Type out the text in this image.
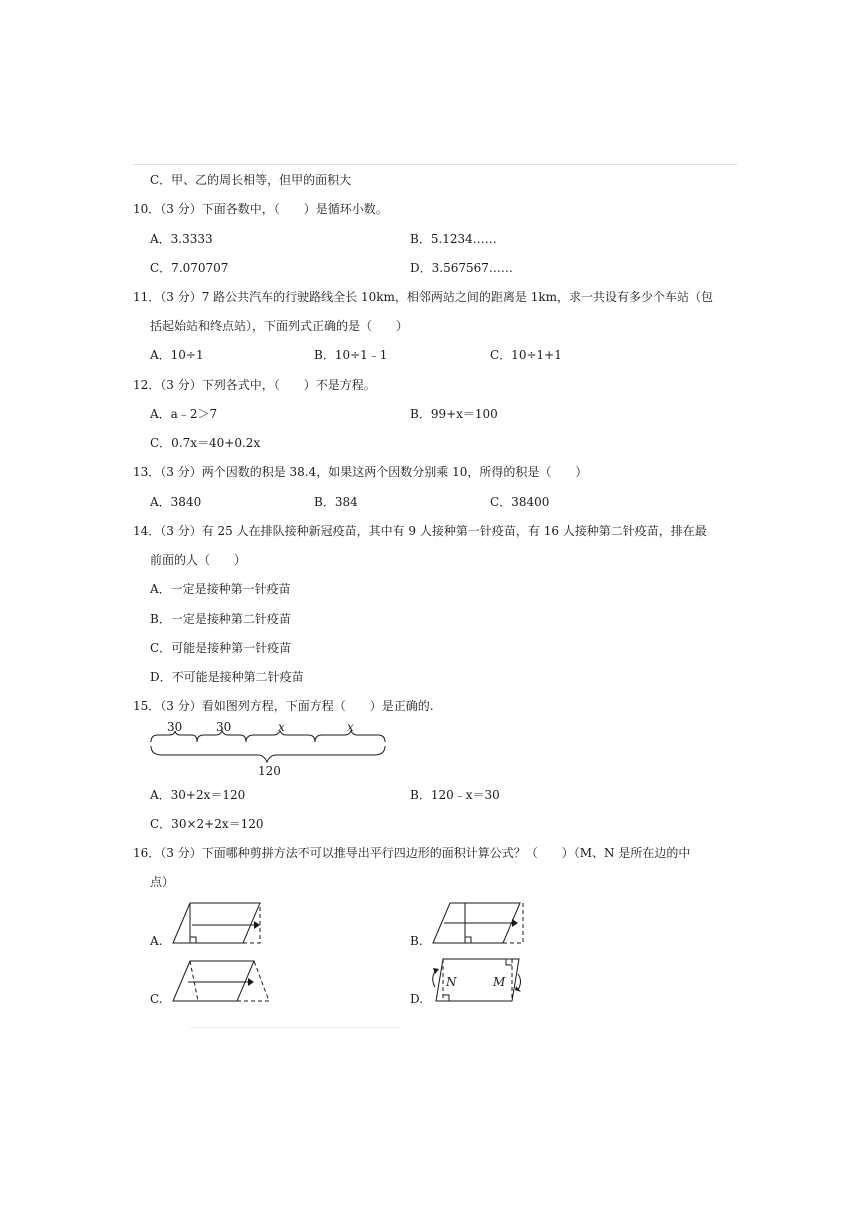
C．甲、乙的周长相等，但甲的面积大
10．（3 分）下面各数中，（　　）是循环小数。
A．3.3333	B．5.1234……
C．7.070707	D．3.567567……
11．（3 分）7 路公共汽车的行驶路线全长 10km，相邻两站之间的距离是 1km，求一共设有多少个车站（包
括起始站和终点站），下面列式正确的是（　　）
A．10÷1	B．10÷1﹣1	C．10÷1+1
12．（3 分）下列各式中，（　　）不是方程。
A．a﹣2＞7	B．99+x＝100
C．0.7x＝40+0.2x
13．（3 分）两个因数的积是 38.4，如果这两个因数分别乘 10，所得的积是（　　）
A．3840	B．384	C．38400
14．（3 分）有 25 人在排队接种新冠疫苗，其中有 9 人接种第一针疫苗，有 16 人接种第二针疫苗，排在最
前面的人（　　）
A．一定是接种第一针疫苗
B．一定是接种第二针疫苗
C．可能是接种第一针疫苗
D．不可能是接种第二针疫苗
15．（3 分）看如图列方程，下面方程（　　）是正确的.
30	30	x	x
120
A．30+2x＝120	B．120﹣x＝30
C．30×2+2x＝120
16．（3 分）下面哪种剪拼方法不可以推导出平行四边形的面积计算公式？（　　）（M、N 是所在边的中
点）
A.	B.
C.	D.
N	M
